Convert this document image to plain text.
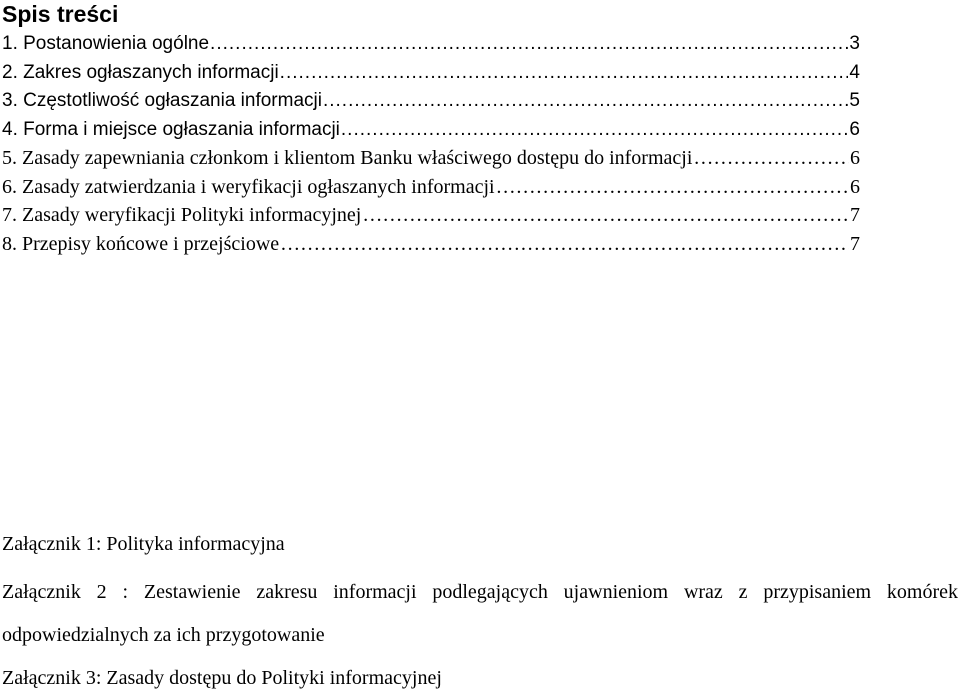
Spis treści
1. Postanowienia ogólne .....	3
2. Zakres ogłaszanych informacji .....	4
3. Częstotliwość ogłaszania informacji .....	5
4. Forma i miejsce ogłaszania informacji .....	6
5. Zasady zapewniania członkom i klientom Banku właściwego dostępu do informacji ………………………………………………………………………………………………………………………………………………………………	6
6. Zasady zatwierdzania i weryfikacji ogłaszanych informacji ………………………………………………………………………………………………………………………………………………………………	6
7. Zasady weryfikacji Polityki informacyjnej ………………………………………………………………………………………………………………………………………………………………	7
8. Przepisy końcowe i przejściowe ………………………………………………………………………………………………………………………………………………………………	7

Załącznik 1: Polityka informacyjna

Załącznik 2 : Zestawienie zakresu informacji podlegających ujawnieniom wraz z przypisaniem komórek odpowiedzialnych za ich przygotowanie

Załącznik 3: Zasady dostępu do Polityki informacyjnej
